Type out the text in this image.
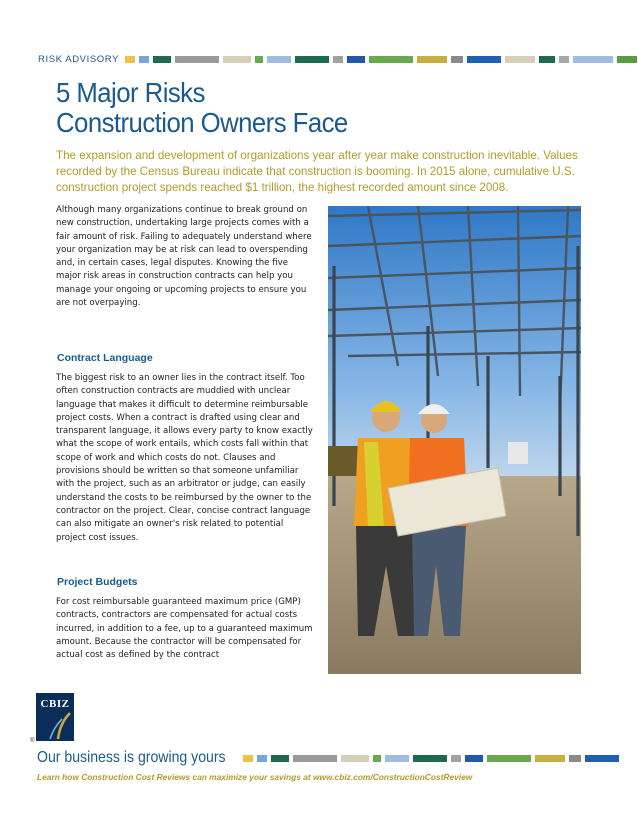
RISK ADVISORY
5 Major Risks
Construction Owners Face
The expansion and development of organizations year after year make construction inevitable. Values recorded by the Census Bureau indicate that construction is booming. In 2015 alone, cumulative U.S. construction project spends reached $1 trillion, the highest recorded amount since 2008.

Although many organizations continue to break ground on new construction, undertaking large projects comes with a fair amount of risk. Failing to adequately understand where your organization may be at risk can lead to overspending and, in certain cases, legal disputes. Knowing the five major risk areas in construction contracts can help you manage your ongoing or upcoming projects to ensure you are not overpaying.

Contract Language

The biggest risk to an owner lies in the contract itself. Too often construction contracts are muddied with unclear language that makes it difficult to determine reimbursable project costs. When a contract is drafted using clear and transparent language, it allows every party to know exactly what the scope of work entails, which costs fall within that scope of work and which costs do not. Clauses and provisions should be written so that someone unfamiliar with the project, such as an arbitrator or judge, can easily understand the costs to be reimbursed by the owner to the contractor on the project. Clear, concise contract language can also mitigate an owner's risk related to potential project cost issues.

Project Budgets

For cost reimbursable guaranteed maximum price (GMP) contracts, contractors are compensated for actual costs incurred, in addition to a fee, up to a guaranteed maximum amount. Because the contractor will be compensated for actual cost as defined by the contract

CBIZ
®
Our business is growing yours
Learn how Construction Cost Reviews can maximize your savings at www.cbiz.com/ConstructionCostReview
